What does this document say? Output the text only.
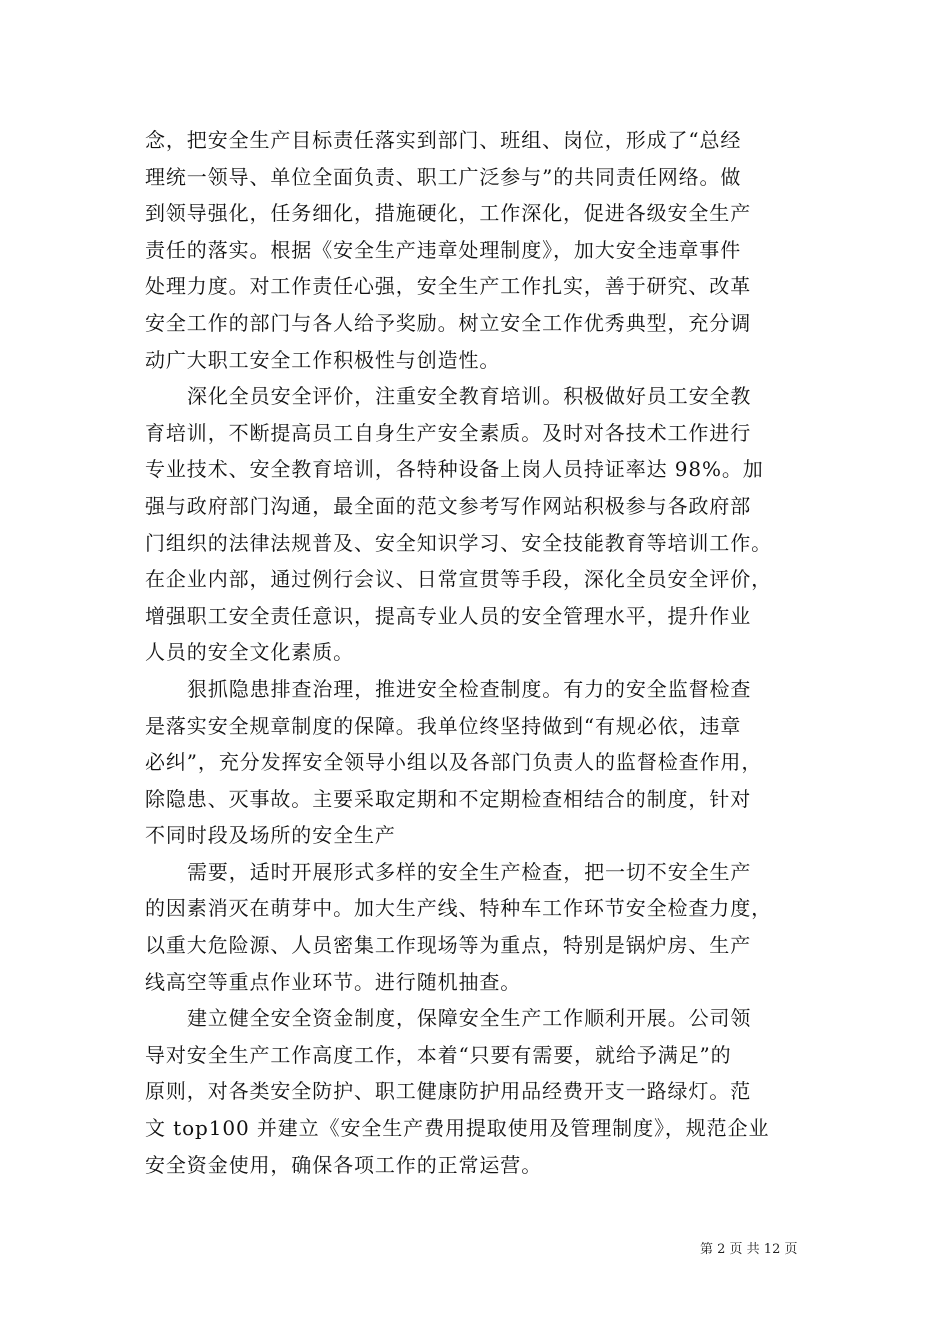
念，把安全生产目标责任落实到部门、班组、岗位，形成了“总经
理统一领导、单位全面负责、职工广泛参与”的共同责任网络。做
到领导强化，任务细化，措施硬化，工作深化，促进各级安全生产
责任的落实。根据《安全生产违章处理制度》，加大安全违章事件
处理力度。对工作责任心强，安全生产工作扎实，善于研究、改革
安全工作的部门与各人给予奖励。树立安全工作优秀典型，充分调
动广大职工安全工作积极性与创造性。
深化全员安全评价，注重安全教育培训。积极做好员工安全教
育培训，不断提高员工自身生产安全素质。及时对各技术工作进行
专业技术、安全教育培训，各特种设备上岗人员持证率达 98%。加
强与政府部门沟通，最全面的范文参考写作网站积极参与各政府部
门组织的法律法规普及、安全知识学习、安全技能教育等培训工作。
在企业内部，通过例行会议、日常宣贯等手段，深化全员安全评价，
增强职工安全责任意识，提高专业人员的安全管理水平，提升作业
人员的安全文化素质。
狠抓隐患排查治理，推进安全检查制度。有力的安全监督检查
是落实安全规章制度的保障。我单位终坚持做到“有规必依，违章
必纠”，充分发挥安全领导小组以及各部门负责人的监督检查作用，
除隐患、灭事故。主要采取定期和不定期检查相结合的制度，针对
不同时段及场所的安全生产
需要，适时开展形式多样的安全生产检查，把一切不安全生产
的因素消灭在萌芽中。加大生产线、特种车工作环节安全检查力度，
以重大危险源、人员密集工作现场等为重点，特别是锅炉房、生产
线高空等重点作业环节。进行随机抽查。
建立健全安全资金制度，保障安全生产工作顺利开展。公司领
导对安全生产工作高度工作，本着“只要有需要，就给予满足”的
原则，对各类安全防护、职工健康防护用品经费开支一路绿灯。范
文 top100 并建立《安全生产费用提取使用及管理制度》，规范企业
安全资金使用，确保各项工作的正常运营。
第 2 页 共 12 页
